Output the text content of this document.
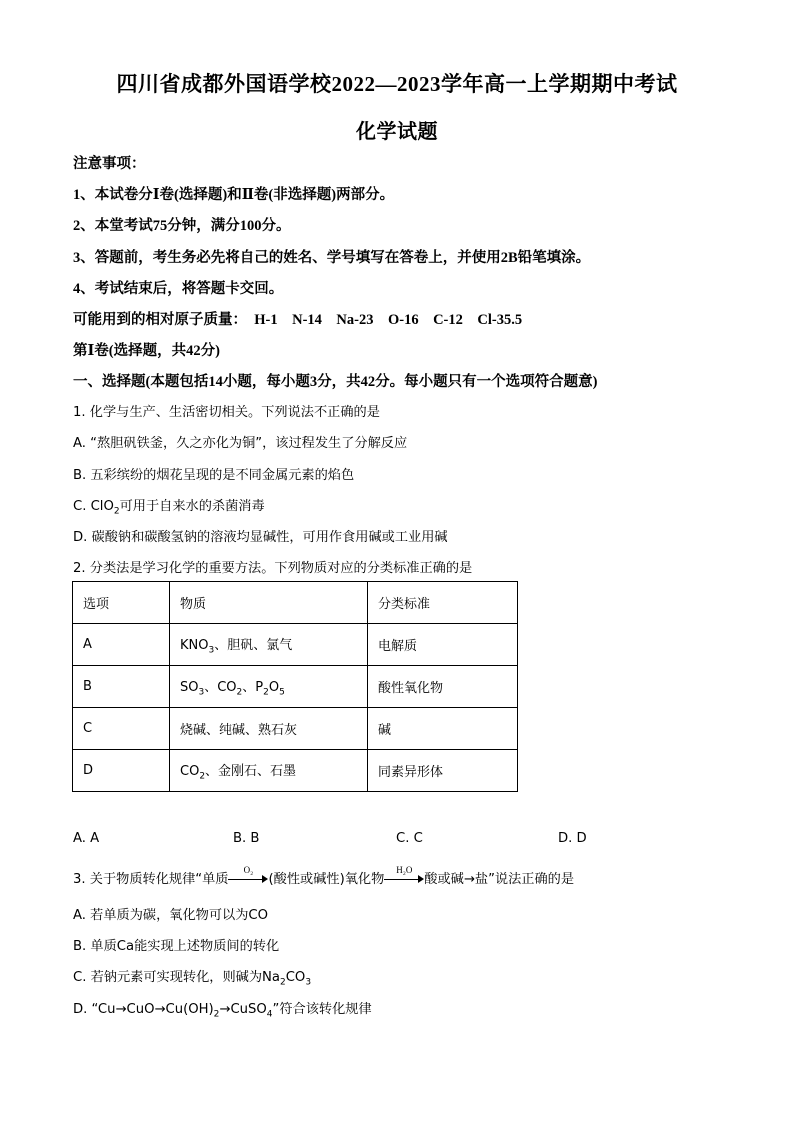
四川省成都外国语学校2022—2023学年高一上学期期中考试
化学试题
注意事项：
1、本试卷分Ⅰ卷(选择题)和Ⅱ卷(非选择题)两部分。
2、本堂考试75分钟，满分100分。
3、答题前，考生务必先将自己的姓名、学号填写在答卷上，并使用2B铅笔填涂。
4、考试结束后，将答题卡交回。
可能用到的相对原子质量：　H-1　N-14　Na-23　O-16　C-12　Cl-35.5
第Ⅰ卷(选择题，共42分)
一、选择题(本题包括14小题，每小题3分，共42分。每小题只有一个选项符合题意)
1. 化学与生产、生活密切相关。下列说法不正确的是
A. “熬胆矾铁釜，久之亦化为铜”，该过程发生了分解反应
B. 五彩缤纷的烟花呈现的是不同金属元素的焰色
C. ClO$_2$可用于自来水的杀菌消毒
D. 碳酸钠和碳酸氢钠的溶液均显碱性，可用作食用碱或工业用碱
2. 分类法是学习化学的重要方法。下列物质对应的分类标准正确的是
选项	物质	分类标准
A	$KNO_3$、胆矾、氯气	电解质
B	$SO_3$、$CO_2$、$P_2O_5$	酸性氧化物
C	烧碱、纯碱、熟石灰	碱
D	$CO_2$、金刚石、石墨	同素异形体
A. A	B. B	C. C	D. D
3. 关于物质转化规律“单质
O₂
(酸性或碱性)氧化物
H₂O
酸或碱→盐”说法正确的是
A. 若单质为碳，氧化物可以为CO
B. 单质Ca能实现上述物质间的转化
C. 若钠元素可实现转化，则碱为$Na_2CO_3$
D. “$Cu\to CuO\to Cu(OH)_2\to CuSO_4$”符合该转化规律
